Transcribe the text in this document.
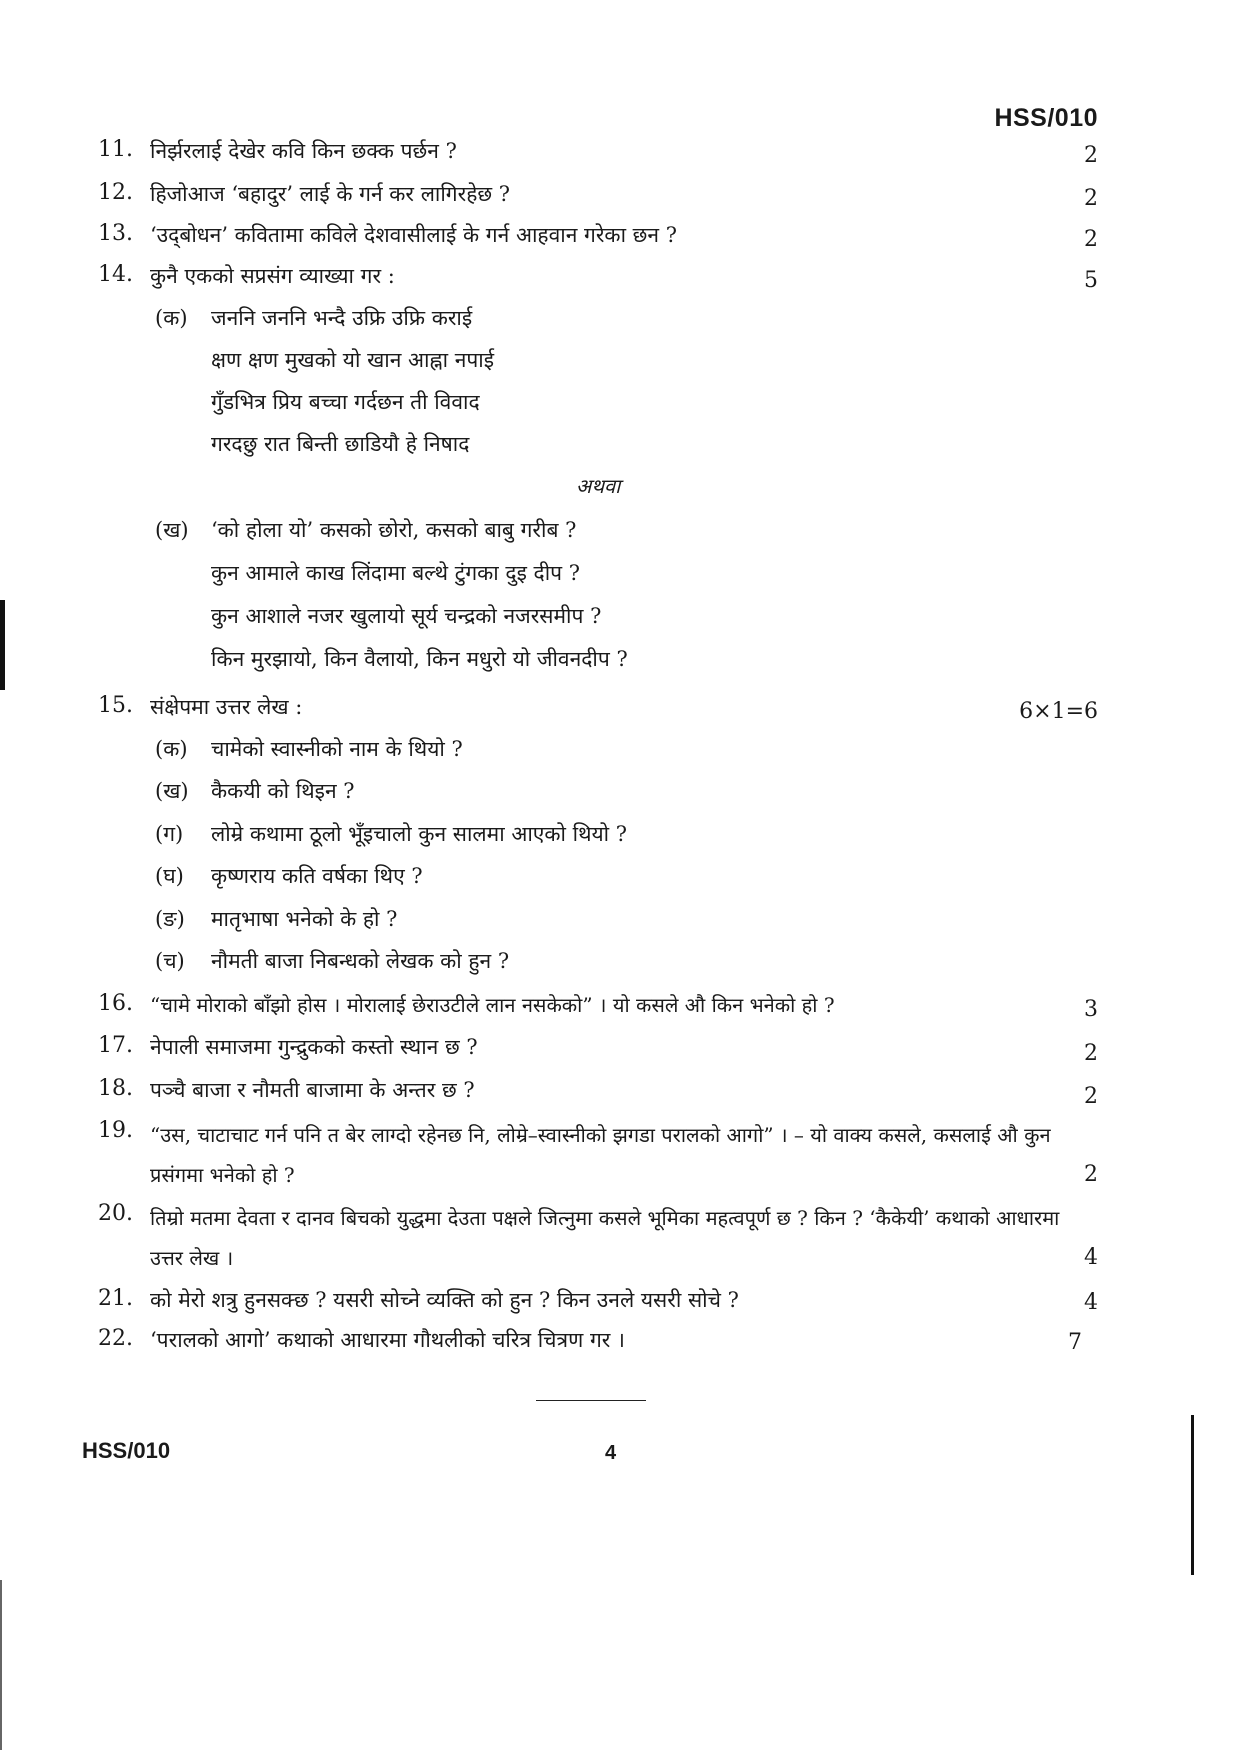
HSS/010
11. निर्झरलाई देखेर कवि किन छक्क पर्छन ?	2
12. हिजोआज ‘बहादुर’ लाई के गर्न कर लागिरहेछ ?	2
13. ‘उद्‌बोधन’ कवितामा कविले देशवासीलाई के गर्न आहवान गरेका छन ?	2
14. कुनै एकको सप्रसंग व्याख्या गर :	5
(क) जननि जननि भन्दै उफ्रि उफ्रि कराई
क्षण क्षण मुखको यो खान आह्ना नपाई
गुँडभित्र प्रिय बच्चा गर्दछन ती विवाद
गरदछु रात बिन्ती छाडियौ हे निषाद
अथवा
(ख) ‘को होला यो’ कसको छोरो, कसको बाबु गरीब ?
कुन आमाले काख लिंदामा बल्थे टुंगका दुइ दीप ?
कुन आशाले नजर खुलायो सूर्य चन्द्रको नजरसमीप ?
किन मुरझायो, किन वैलायो, किन मधुरो यो जीवनदीप ?
15. संक्षेपमा उत्तर लेख :	6×1=6
(क) चामेको स्वास्नीको नाम के थियो ?
(ख) कैकयी को थिइन ?
(ग) लोम्रे कथामा ठूलो भूँइचालो कुन सालमा आएको थियो ?
(घ) कृष्णराय कति वर्षका थिए ?
(ङ) मातृभाषा भनेको के हो ?
(च) नौमती बाजा निबन्धको लेखक को हुन ?
16. “चामे मोराको बाँझो होस । मोरालाई छेराउटीले लान नसकेको” । यो कसले औ किन भनेको हो ?	3
17. नेपाली समाजमा गुन्द्रुकको कस्तो स्थान छ ?	2
18. पञ्चै बाजा र नौमती बाजामा के अन्तर छ ?	2
19. “उस, चाटाचाट गर्न पनि त बेर लाग्दो रहेनछ नि, लोम्रे–स्वास्नीको झगडा परालको आगो” । – यो वाक्य कसले, कसलाई औ कुन प्रसंगमा भनेको हो ?	2
20. तिम्रो मतमा देवता र दानव बिचको युद्धमा देउता पक्षले जित्नुमा कसले भूमिका महत्वपूर्ण छ ? किन ? ‘कैकेयी’ कथाको आधारमा उत्तर लेख ।	4
21. को मेरो शत्रु हुनसक्छ ? यसरी सोच्ने व्यक्ति को हुन ? किन उनले यसरी सोचे ?	4
22. ‘परालको आगो’ कथाको आधारमा गौथलीको चरित्र चित्रण गर ।	7
HSS/010	4
